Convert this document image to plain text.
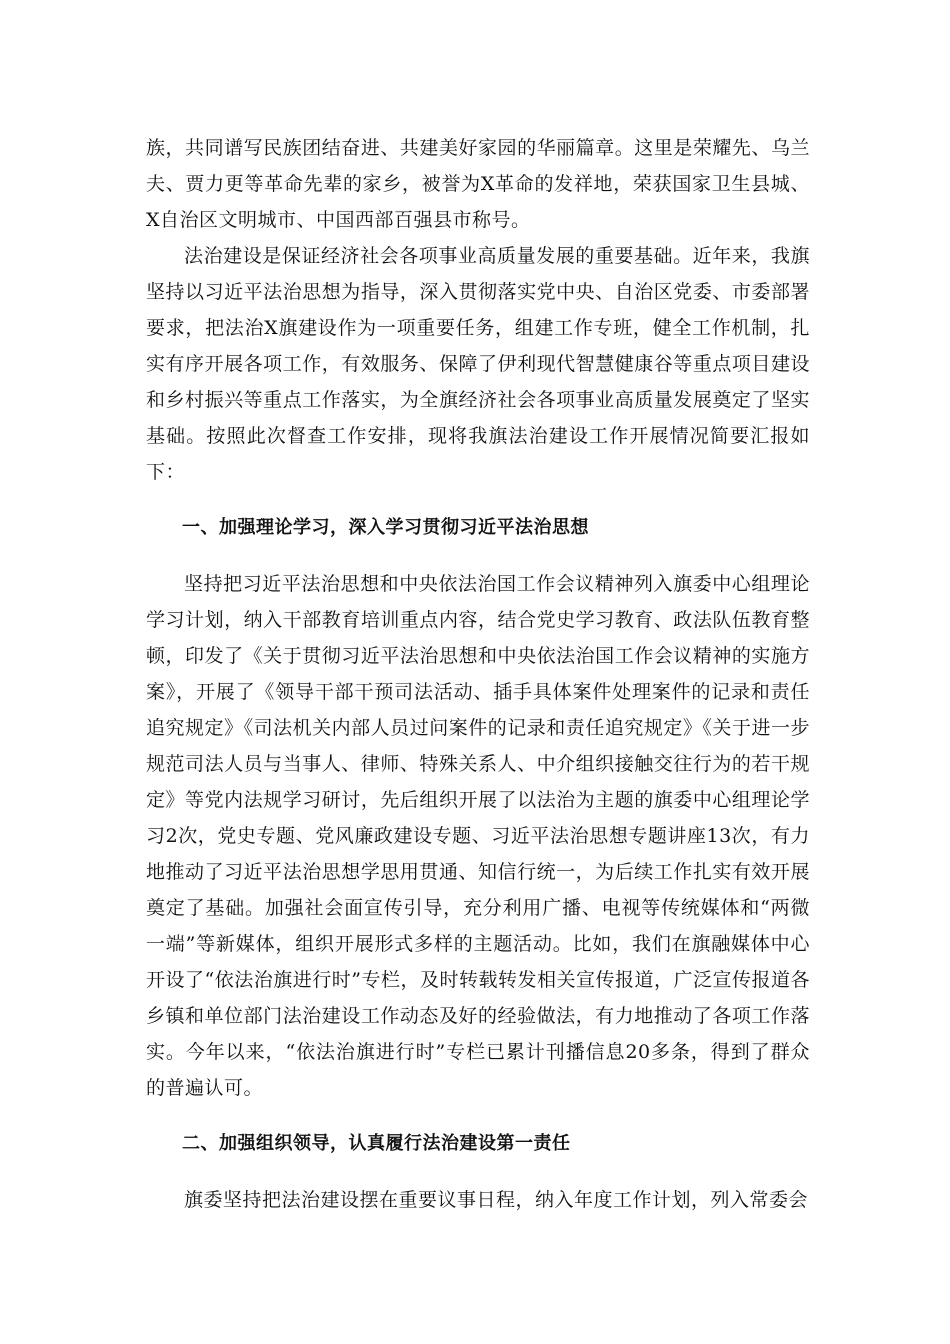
族，共同谱写民族团结奋进、共建美好家园的华丽篇章。这里是荣耀先、乌兰夫、贾力更等革命先辈的家乡，被誉为X革命的发祥地，荣获国家卫生县城、X自治区文明城市、中国西部百强县市称号。

法治建设是保证经济社会各项事业高质量发展的重要基础。近年来，我旗坚持以习近平法治思想为指导，深入贯彻落实党中央、自治区党委、市委部署要求，把法治X旗建设作为一项重要任务，组建工作专班，健全工作机制，扎实有序开展各项工作，有效服务、保障了伊利现代智慧健康谷等重点项目建设和乡村振兴等重点工作落实，为全旗经济社会各项事业高质量发展奠定了坚实基础。按照此次督查工作安排，现将我旗法治建设工作开展情况简要汇报如下：

一、加强理论学习，深入学习贯彻习近平法治思想

坚持把习近平法治思想和中央依法治国工作会议精神列入旗委中心组理论学习计划，纳入干部教育培训重点内容，结合党史学习教育、政法队伍教育整顿，印发了《关于贯彻习近平法治思想和中央依法治国工作会议精神的实施方案》，开展了《领导干部干预司法活动、插手具体案件处理案件的记录和责任追究规定》《司法机关内部人员过问案件的记录和责任追究规定》《关于进一步规范司法人员与当事人、律师、特殊关系人、中介组织接触交往行为的若干规定》等党内法规学习研讨，先后组织开展了以法治为主题的旗委中心组理论学习2次，党史专题、党风廉政建设专题、习近平法治思想专题讲座13次，有力地推动了习近平法治思想学思用贯通、知信行统一，为后续工作扎实有效开展奠定了基础。加强社会面宣传引导，充分利用广播、电视等传统媒体和“两微一端”等新媒体，组织开展形式多样的主题活动。比如，我们在旗融媒体中心开设了“依法治旗进行时”专栏，及时转载转发相关宣传报道，广泛宣传报道各乡镇和单位部门法治建设工作动态及好的经验做法，有力地推动了各项工作落实。今年以来，“依法治旗进行时”专栏已累计刊播信息20多条，得到了群众的普遍认可。

二、加强组织领导，认真履行法治建设第一责任

旗委坚持把法治建设摆在重要议事日程，纳入年度工作计划，列入常委会
